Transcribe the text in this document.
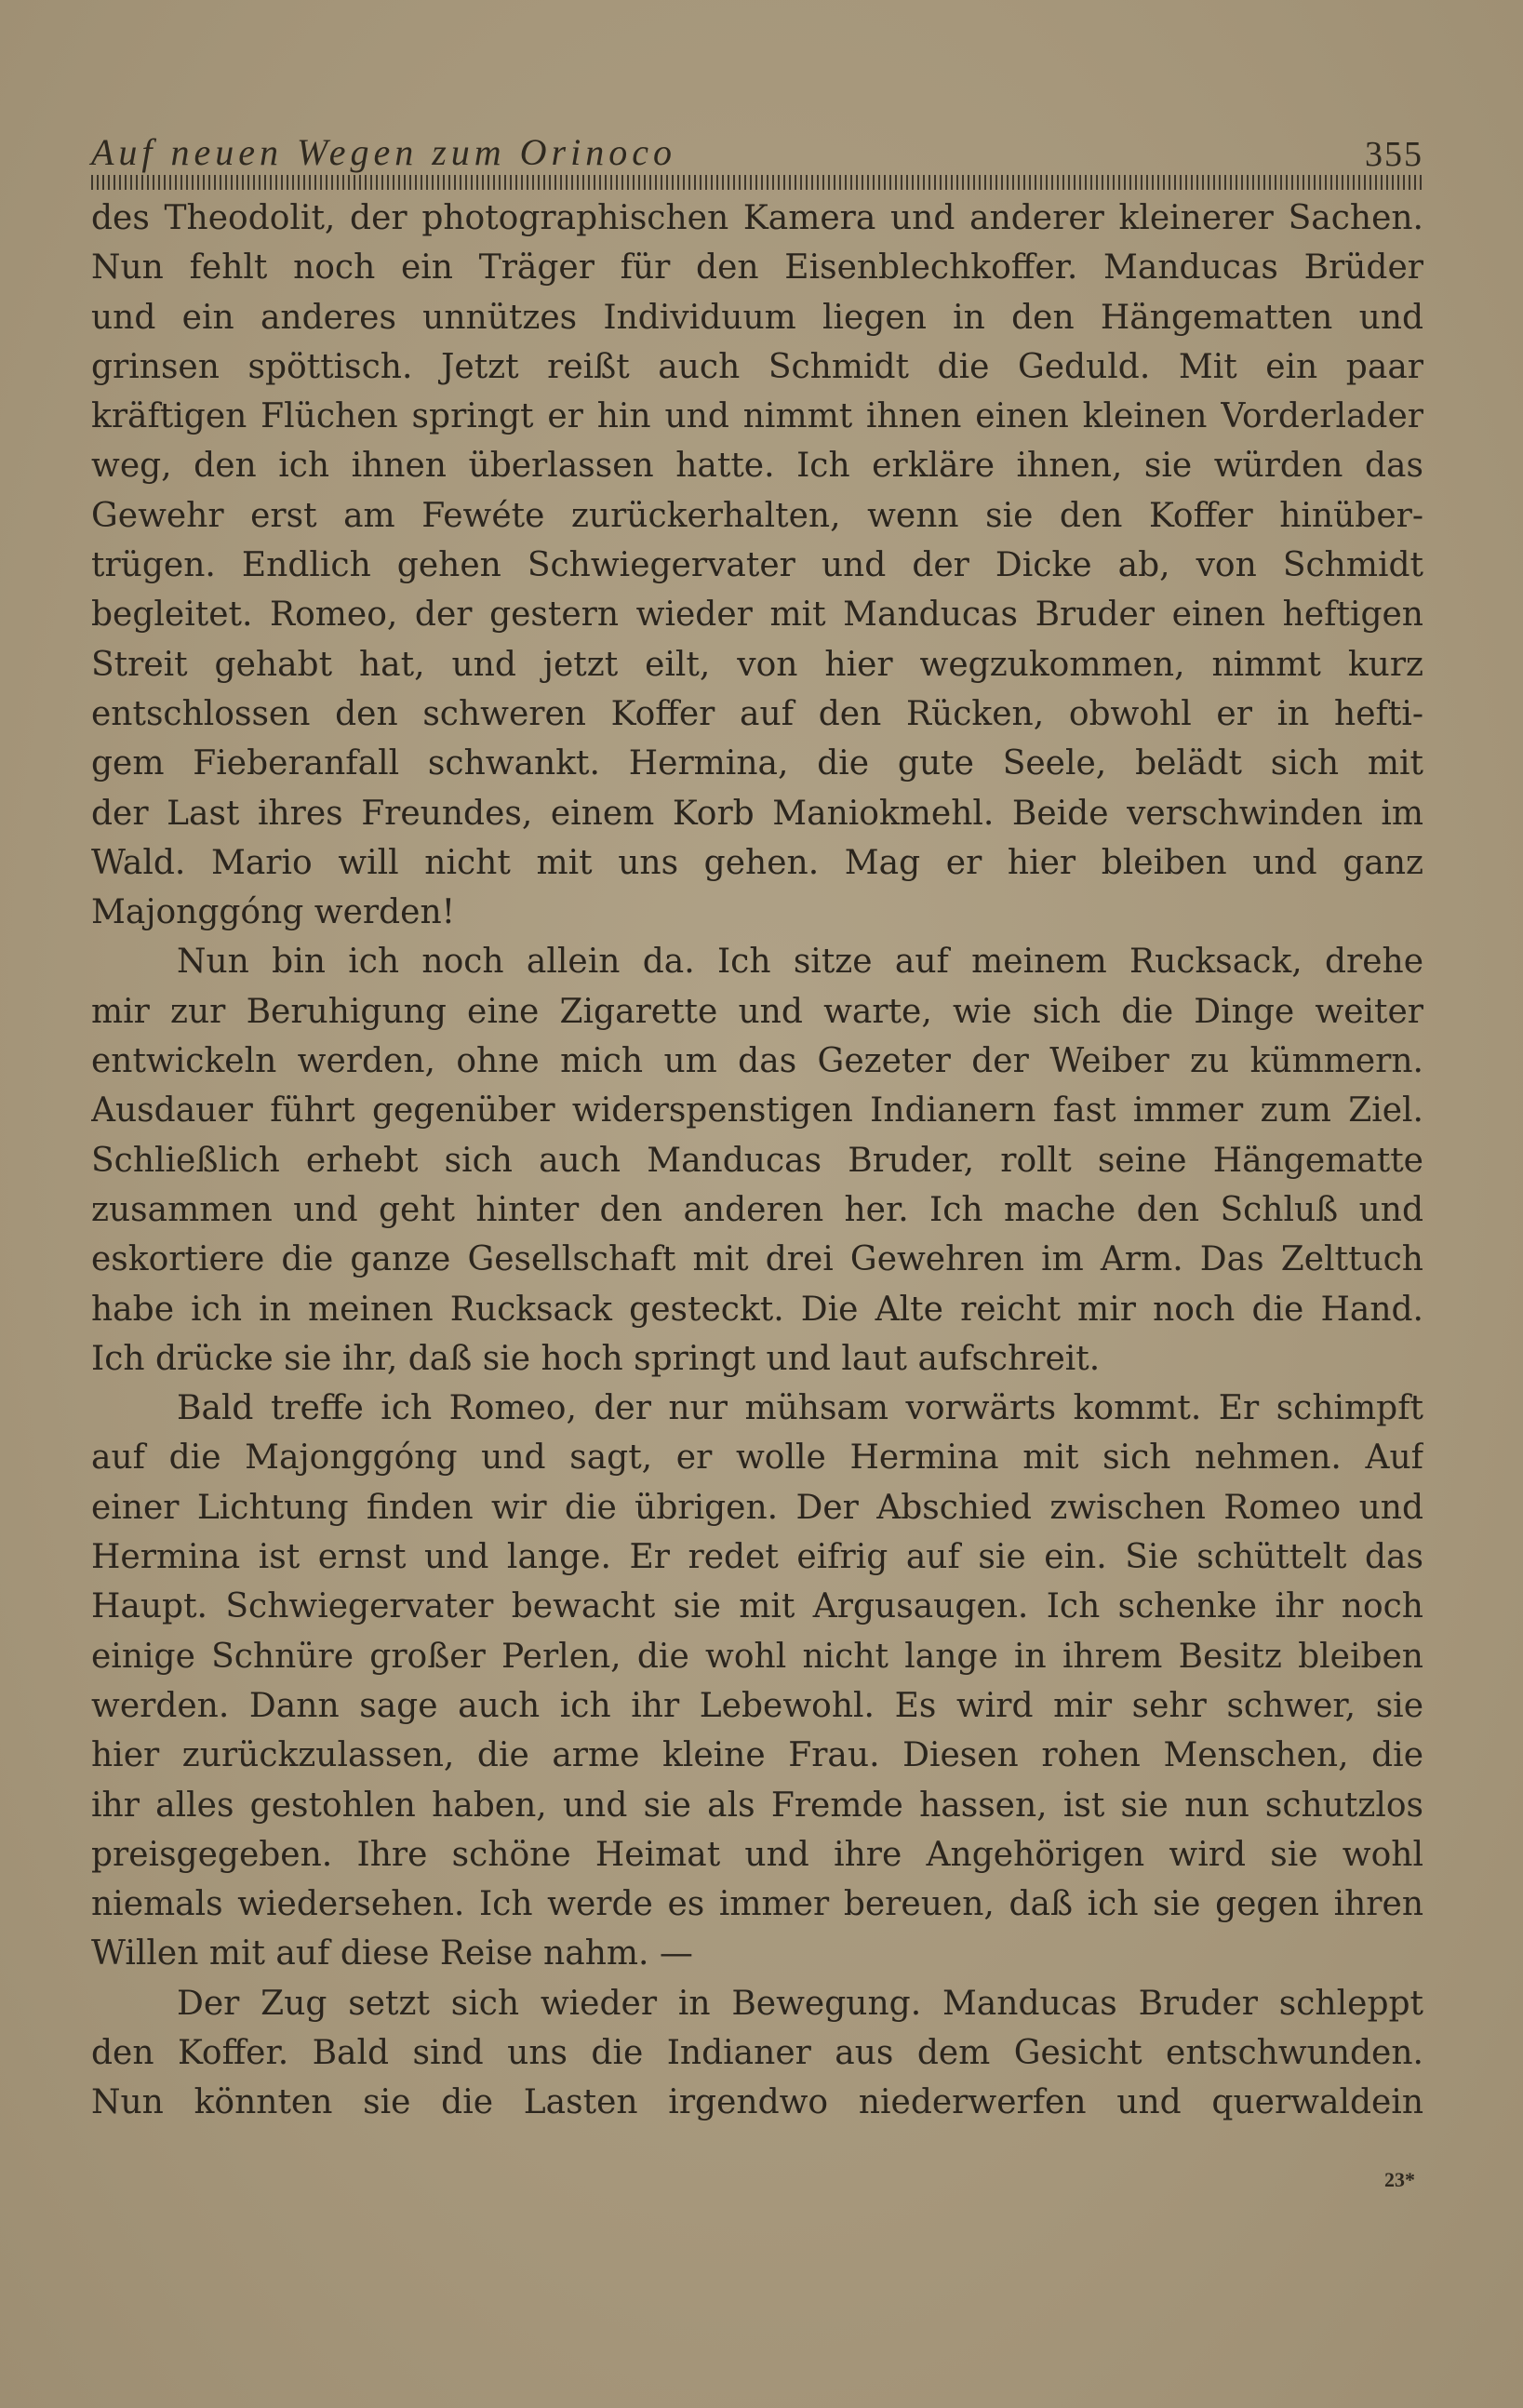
Auf neuen Wegen zum Orinoco	355
des Theodolit, der photographischen Kamera und anderer kleinerer Sachen.
Nun fehlt noch ein Träger für den Eisenblechkoffer. Manducas Brüder
und ein anderes unnützes Individuum liegen in den Hängematten und
grinsen spöttisch. Jetzt reißt auch Schmidt die Geduld. Mit ein paar
kräftigen Flüchen springt er hin und nimmt ihnen einen kleinen Vorderlader
weg, den ich ihnen überlassen hatte. Ich erkläre ihnen, sie würden das
Gewehr erst am Fewéte zurückerhalten, wenn sie den Koffer hinüber-
trügen. Endlich gehen Schwiegervater und der Dicke ab, von Schmidt
begleitet. Romeo, der gestern wieder mit Manducas Bruder einen heftigen
Streit gehabt hat, und jetzt eilt, von hier wegzukommen, nimmt kurz
entschlossen den schweren Koffer auf den Rücken, obwohl er in hefti-
gem Fieberanfall schwankt. Hermina, die gute Seele, belädt sich mit
der Last ihres Freundes, einem Korb Maniokmehl. Beide verschwinden im
Wald. Mario will nicht mit uns gehen. Mag er hier bleiben und ganz
Majonggóng werden!
Nun bin ich noch allein da. Ich sitze auf meinem Rucksack, drehe
mir zur Beruhigung eine Zigarette und warte, wie sich die Dinge weiter
entwickeln werden, ohne mich um das Gezeter der Weiber zu kümmern.
Ausdauer führt gegenüber widerspenstigen Indianern fast immer zum Ziel.
Schließlich erhebt sich auch Manducas Bruder, rollt seine Hängematte
zusammen und geht hinter den anderen her. Ich mache den Schluß und
eskortiere die ganze Gesellschaft mit drei Gewehren im Arm. Das Zelttuch
habe ich in meinen Rucksack gesteckt. Die Alte reicht mir noch die Hand.
Ich drücke sie ihr, daß sie hoch springt und laut aufschreit.
Bald treffe ich Romeo, der nur mühsam vorwärts kommt. Er schimpft
auf die Majonggóng und sagt, er wolle Hermina mit sich nehmen. Auf
einer Lichtung finden wir die übrigen. Der Abschied zwischen Romeo und
Hermina ist ernst und lange. Er redet eifrig auf sie ein. Sie schüttelt das
Haupt. Schwiegervater bewacht sie mit Argusaugen. Ich schenke ihr noch
einige Schnüre großer Perlen, die wohl nicht lange in ihrem Besitz bleiben
werden. Dann sage auch ich ihr Lebewohl. Es wird mir sehr schwer, sie
hier zurückzulassen, die arme kleine Frau. Diesen rohen Menschen, die
ihr alles gestohlen haben, und sie als Fremde hassen, ist sie nun schutzlos
preisgegeben. Ihre schöne Heimat und ihre Angehörigen wird sie wohl
niemals wiedersehen. Ich werde es immer bereuen, daß ich sie gegen ihren
Willen mit auf diese Reise nahm. —
Der Zug setzt sich wieder in Bewegung. Manducas Bruder schleppt
den Koffer. Bald sind uns die Indianer aus dem Gesicht entschwunden.
Nun könnten sie die Lasten irgendwo niederwerfen und querwaldein
23*
